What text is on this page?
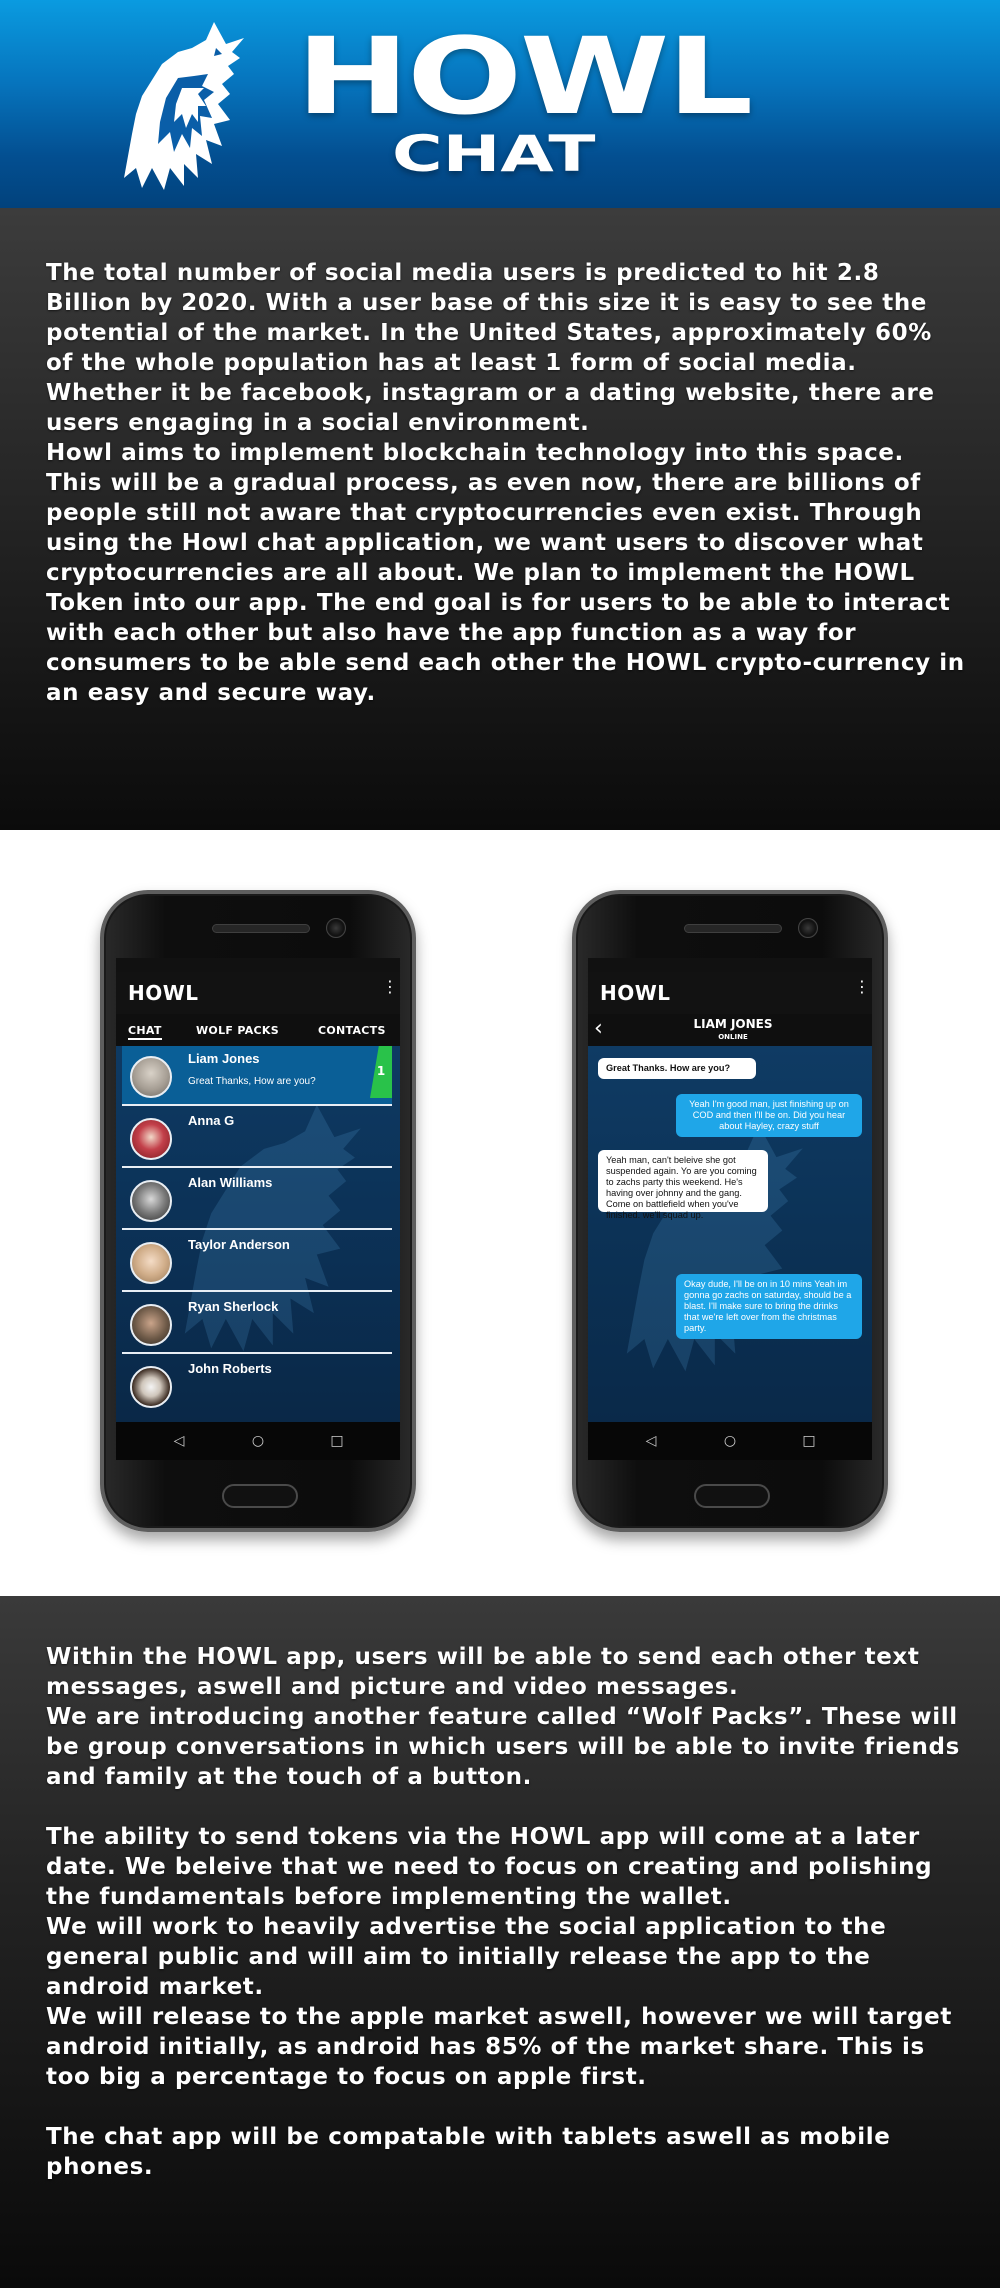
HOWL
CHAT

The total number of social media users is predicted to hit 2.8 Billion by 2020. With a user base of this size it is easy to see the potential of the market. In the United States, approximately 60% of the whole population has at least 1 form of social media. Whether it be facebook, instagram or a dating website, there are users engaging in a social environment.

Howl aims to implement blockchain technology into this space. This will be a gradual process, as even now, there are billions of people still not aware that cryptocurrencies even exist. Through using the Howl chat application, we want users to discover what cryptocurrencies are all about. We plan to implement the HOWL Token into our app. The end goal is for users to be able to interact with each other but also have the app function as a way for consumers to be able send each other the HOWL crypto-currency in an easy and secure way.

HOWL	⋮
CHAT	WOLF PACKS	CONTACTS
Liam Jones
Great Thanks, How are you?
1
Anna G
Alan Williams
Taylor Anderson
Ryan Sherlock
John Roberts
◁	○	□
HOWL	⋮
‹	LIAM JONES
ONLINE
Great Thanks. How are you?
Yeah I'm good man, just finishing up on COD and then I'll be on. Did you hear about Hayley, crazy stuff
Yeah man, can't beleive she got suspended again. Yo are you coming to zachs party this weekend. He's having over johnny and the gang. Come on battlefield when you've finished. we'll squad up.
Okay dude, I'll be on in 10 mins Yeah im gonna go zachs on saturday, should be a blast. I'll make sure to bring the drinks that we're left over from the christmas party.
◁	○	□

Within the HOWL app, users will be able to send each other text messages, aswell and picture and video messages.

We are introducing another feature called “Wolf Packs”. These will be group conversations in which users will be able to invite friends and family at the touch of a button.

The ability to send tokens via the HOWL app will come at a later date. We beleive that we need to focus on creating and polishing the fundamentals before implementing the wallet.

We will work to heavily advertise the social application to the general public and will aim to initially release the app to the android market.

We will release to the apple market aswell, however we will target android initially, as android has 85% of the market share. This is too big a percentage to focus on apple first.

The chat app will be compatable with tablets aswell as mobile phones.
